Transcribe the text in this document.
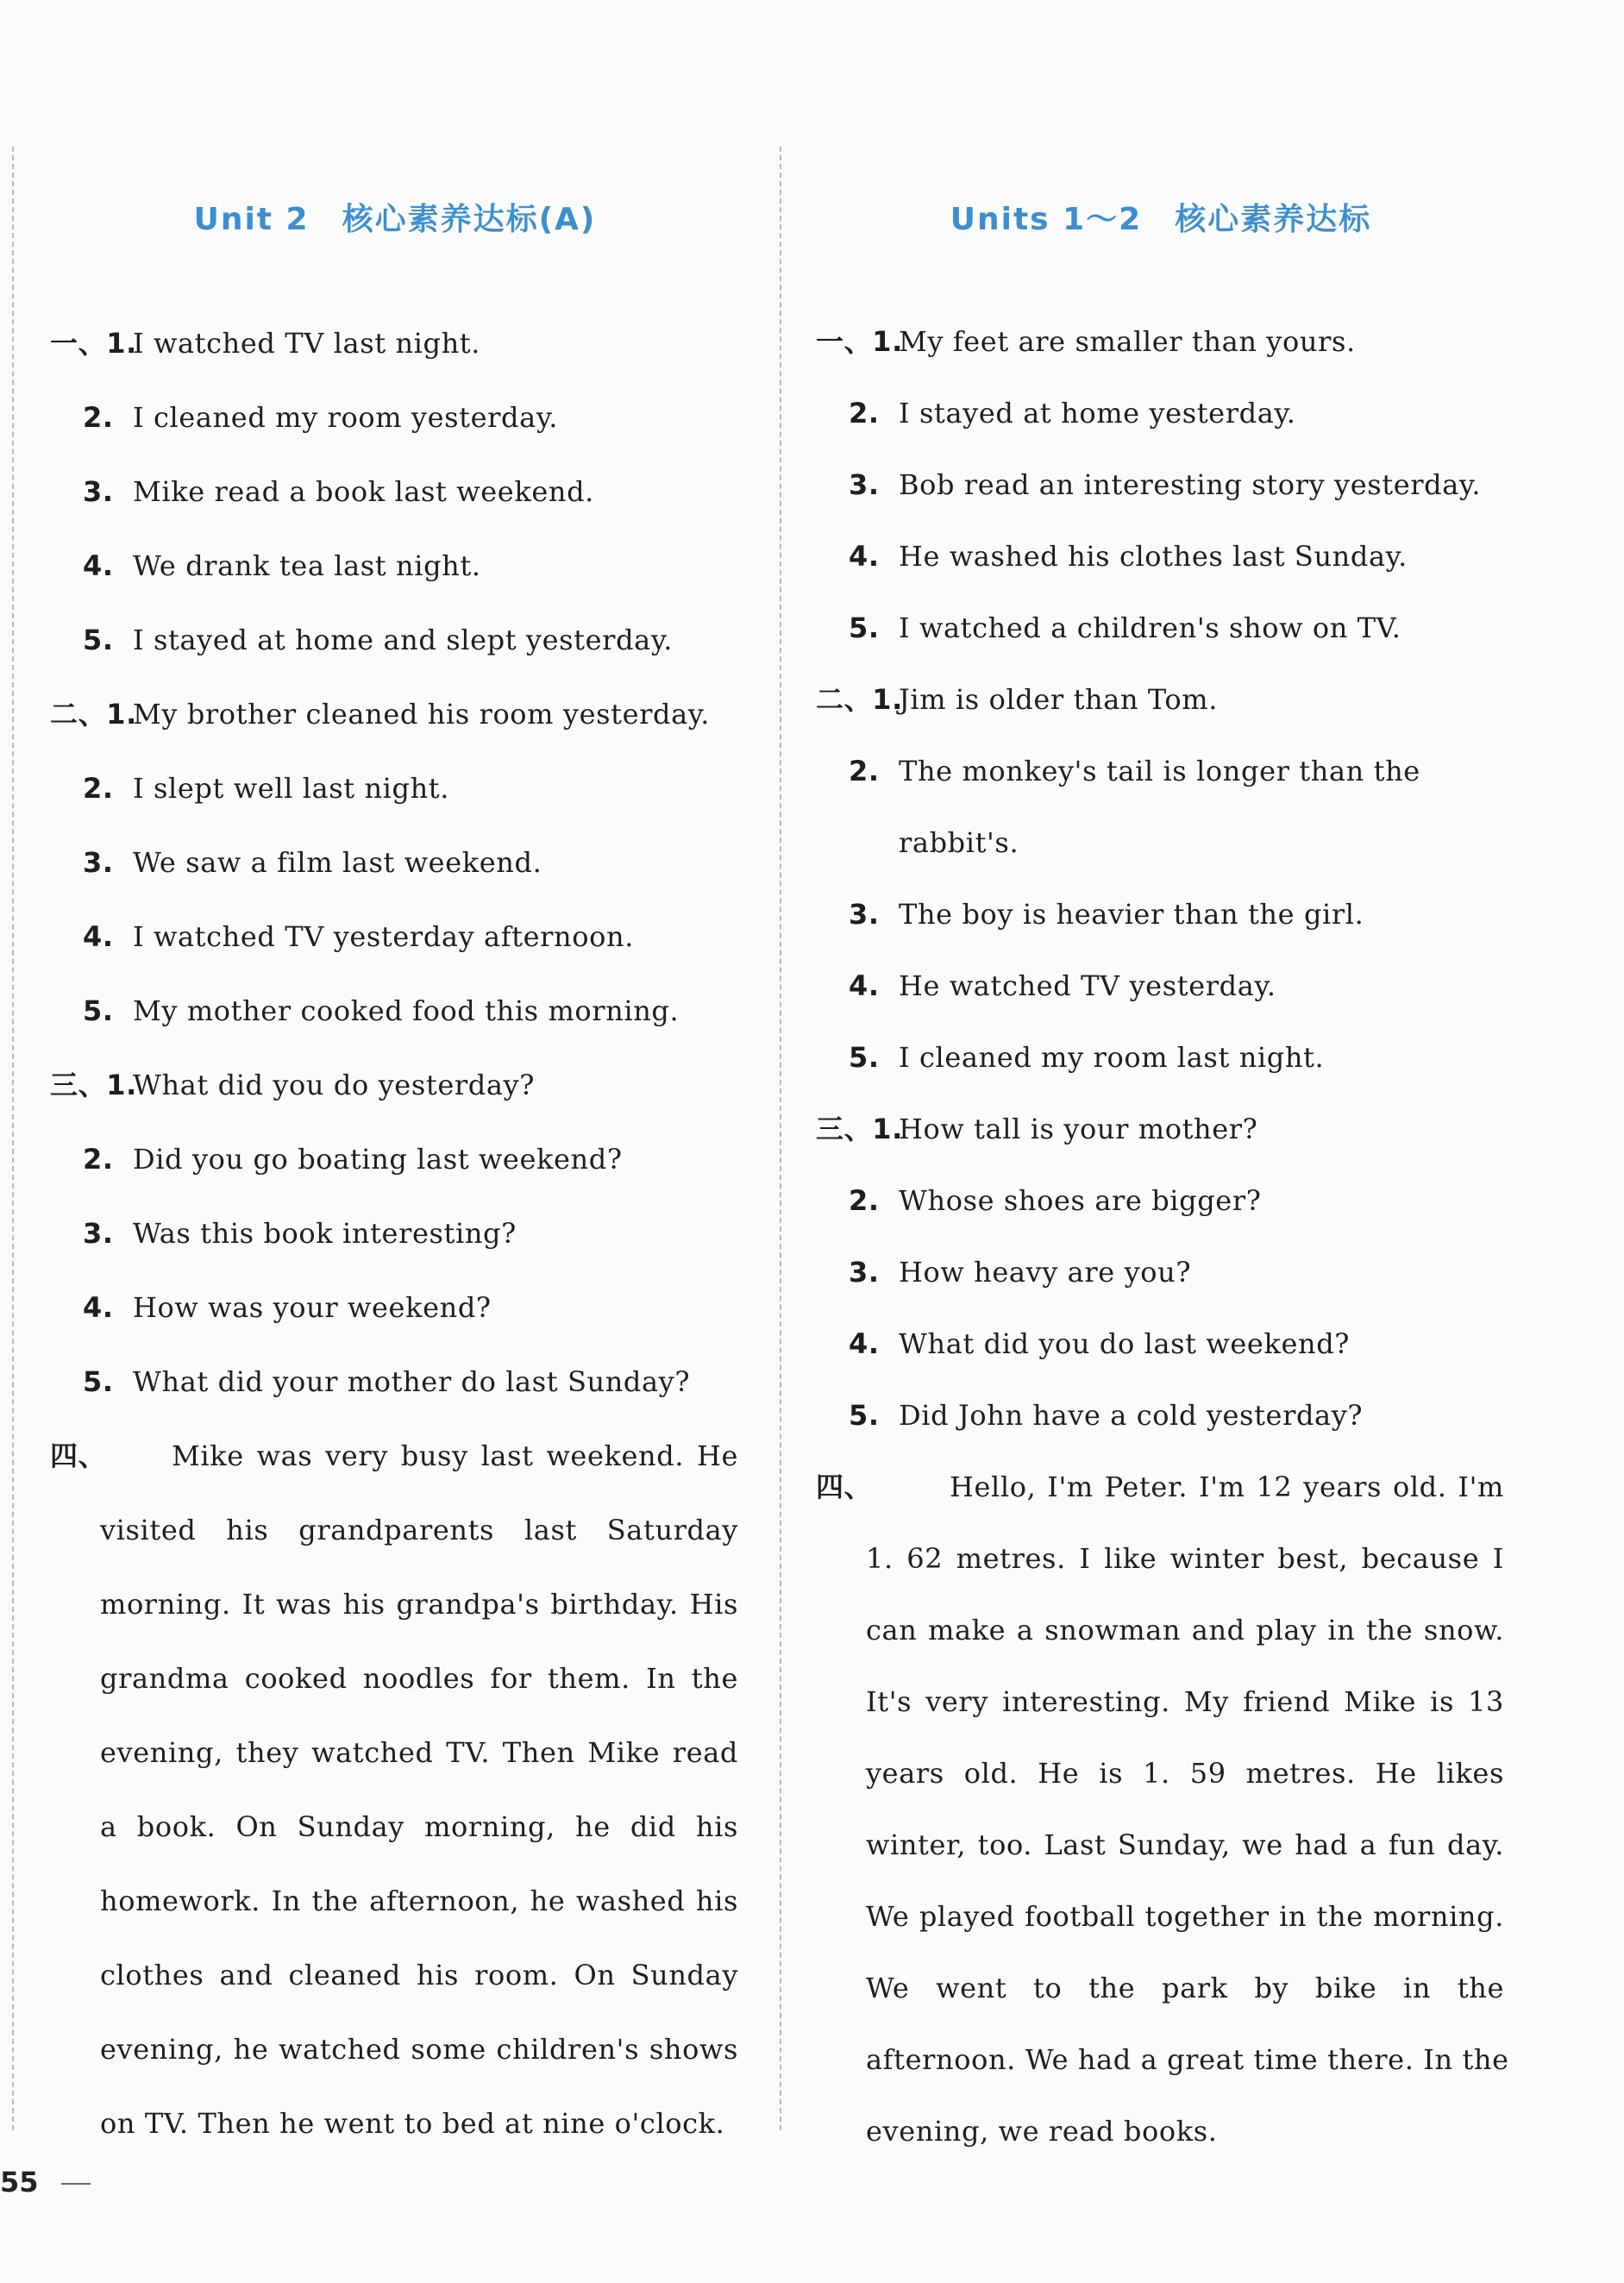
Unit 2　核心素养达标(A)
一、1.
I watched TV last night.
2. I cleaned my room yesterday.
3. Mike read a book last weekend.
4. We drank tea last night.
5. I stayed at home and slept yesterday.
二、1.
My brother cleaned his room yesterday.
2. I slept well last night.
3. We saw a film last weekend.
4. I watched TV yesterday afternoon.
5. My mother cooked food this morning.
三、1.
What did you do yesterday?
2. Did you go boating last weekend?
3. Was this book interesting?
4. How was your weekend?
5. What did your mother do last Sunday?
四、 Mike was very busy last weekend. He
visited his grandparents last Saturday
morning. It was his grandpa's birthday. His
grandma cooked noodles for them. In the
evening, they watched TV. Then Mike read
a book. On Sunday morning, he did his
homework. In the afternoon, he washed his
clothes and cleaned his room. On Sunday
evening, he watched some children's shows
on TV. Then he went to bed at nine o'clock.
Units 1～2　核心素养达标
一、1.
My feet are smaller than yours.
2. I stayed at home yesterday.
3. Bob read an interesting story yesterday.
4. He washed his clothes last Sunday.
5. I watched a children's show on TV.
二、1.
Jim is older than Tom.
2. The monkey's tail is longer than the
rabbit's.
3. The boy is heavier than the girl.
4. He watched TV yesterday.
5. I cleaned my room last night.
三、1.
How tall is your mother?
2. Whose shoes are bigger?
3. How heavy are you?
4. What did you do last weekend?
5. Did John have a cold yesterday?
四、	Hello, I'm Peter. I'm 12 years old. I'm
1. 62 metres. I like winter best, because I
can make a snowman and play in the snow.
It's very interesting. My friend Mike is 13
years old. He is 1. 59 metres. He likes
winter, too. Last Sunday, we had a fun day.
We played football together in the morning.
We went to the park by bike in the
afternoon. We had a great time there. In the
evening, we read books.
55
